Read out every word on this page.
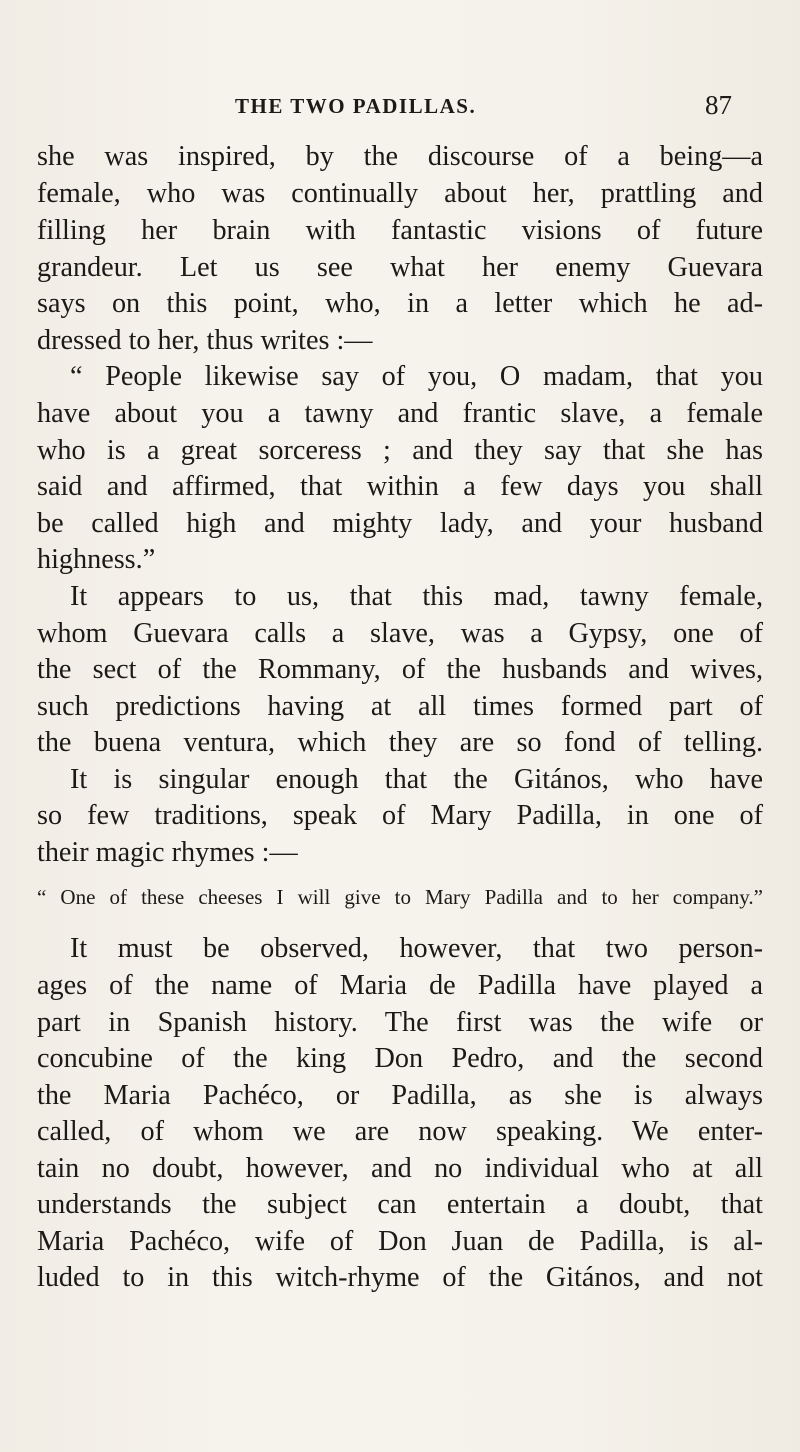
THE TWO PADILLAS.	87
she was inspired, by the discourse of a being—a
female, who was continually about her, prattling and
filling her brain with fantastic visions of future
grandeur. Let us see what her enemy Guevara
says on this point, who, in a letter which he ad-
dressed to her, thus writes :—
“ People likewise say of you, O madam, that you
have about you a tawny and frantic slave, a female
who is a great sorceress ; and they say that she has
said and affirmed, that within a few days you shall
be called high and mighty lady, and your husband
highness.”
It appears to us, that this mad, tawny female,
whom Guevara calls a slave, was a Gypsy, one of
the sect of the Rommany, of the husbands and wives,
such predictions having at all times formed part of
the buena ventura, which they are so fond of telling.
It is singular enough that the Gitános, who have
so few traditions, speak of Mary Padilla, in one of
their magic rhymes :—
“ One of these cheeses I will give to Mary Padilla and to her company.”
It must be observed, however, that two person-
ages of the name of Maria de Padilla have played a
part in Spanish history. The first was the wife or
concubine of the king Don Pedro, and the second
the Maria Pachéco, or Padilla, as she is always
called, of whom we are now speaking. We enter-
tain no doubt, however, and no individual who at all
understands the subject can entertain a doubt, that
Maria Pachéco, wife of Don Juan de Padilla, is al-
luded to in this witch-rhyme of the Gitános, and not
